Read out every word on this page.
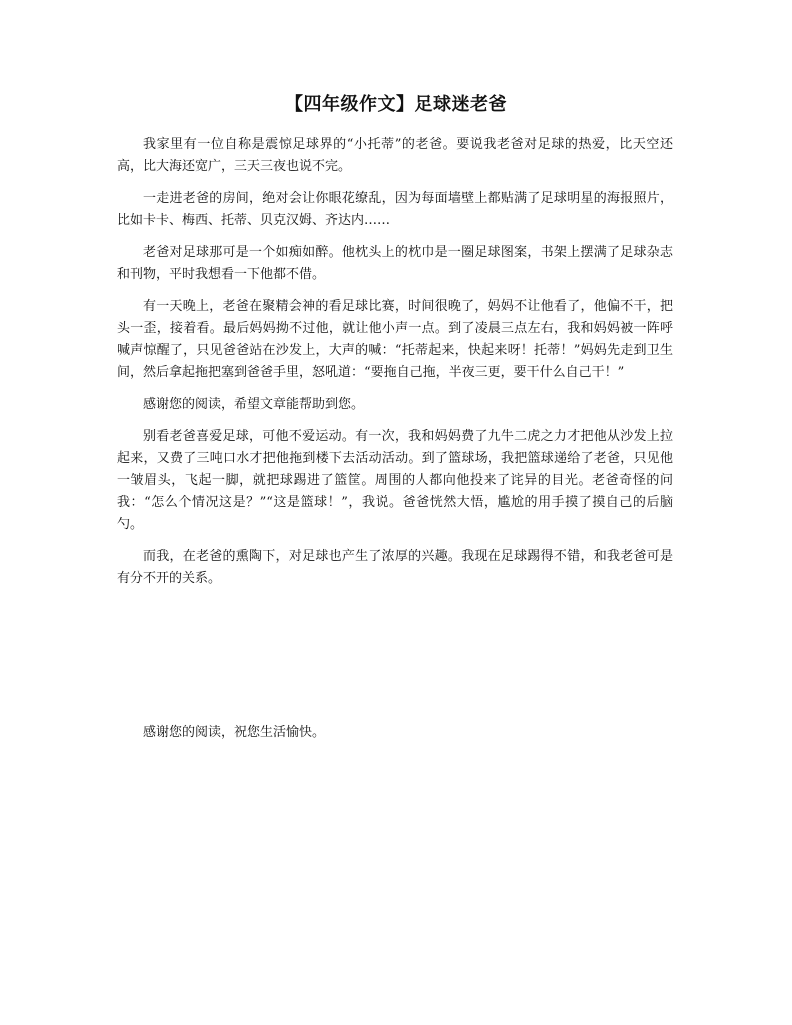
【四年级作文】足球迷老爸

我家里有一位自称是震惊足球界的“小托蒂”的老爸。要说我老爸对足球的热爱，比天空还高，比大海还宽广，三天三夜也说不完。

一走进老爸的房间，绝对会让你眼花缭乱，因为每面墙壁上都贴满了足球明星的海报照片，比如卡卡、梅西、托蒂、贝克汉姆、齐达内……

老爸对足球那可是一个如痴如醉。他枕头上的枕巾是一圈足球图案，书架上摆满了足球杂志和刊物，平时我想看一下他都不借。

有一天晚上，老爸在聚精会神的看足球比赛，时间很晚了，妈妈不让他看了，他偏不干，把头一歪，接着看。最后妈妈拗不过他，就让他小声一点。到了凌晨三点左右，我和妈妈被一阵呼喊声惊醒了，只见爸爸站在沙发上，大声的喊：“托蒂起来，快起来呀！托蒂！”妈妈先走到卫生间，然后拿起拖把塞到爸爸手里，怒吼道：“要拖自己拖，半夜三更，要干什么自己干！”

感谢您的阅读，希望文章能帮助到您。

别看老爸喜爱足球，可他不爱运动。有一次，我和妈妈费了九牛二虎之力才把他从沙发上拉起来，又费了三吨口水才把他拖到楼下去活动活动。到了篮球场，我把篮球递给了老爸，只见他一皱眉头，飞起一脚，就把球踢进了篮筐。周围的人都向他投来了诧异的目光。老爸奇怪的问我：“怎么个情况这是？”“这是篮球！”，我说。爸爸恍然大悟，尴尬的用手摸了摸自己的后脑勺。

而我，在老爸的熏陶下，对足球也产生了浓厚的兴趣。我现在足球踢得不错，和我老爸可是有分不开的关系。

感谢您的阅读，祝您生活愉快。
